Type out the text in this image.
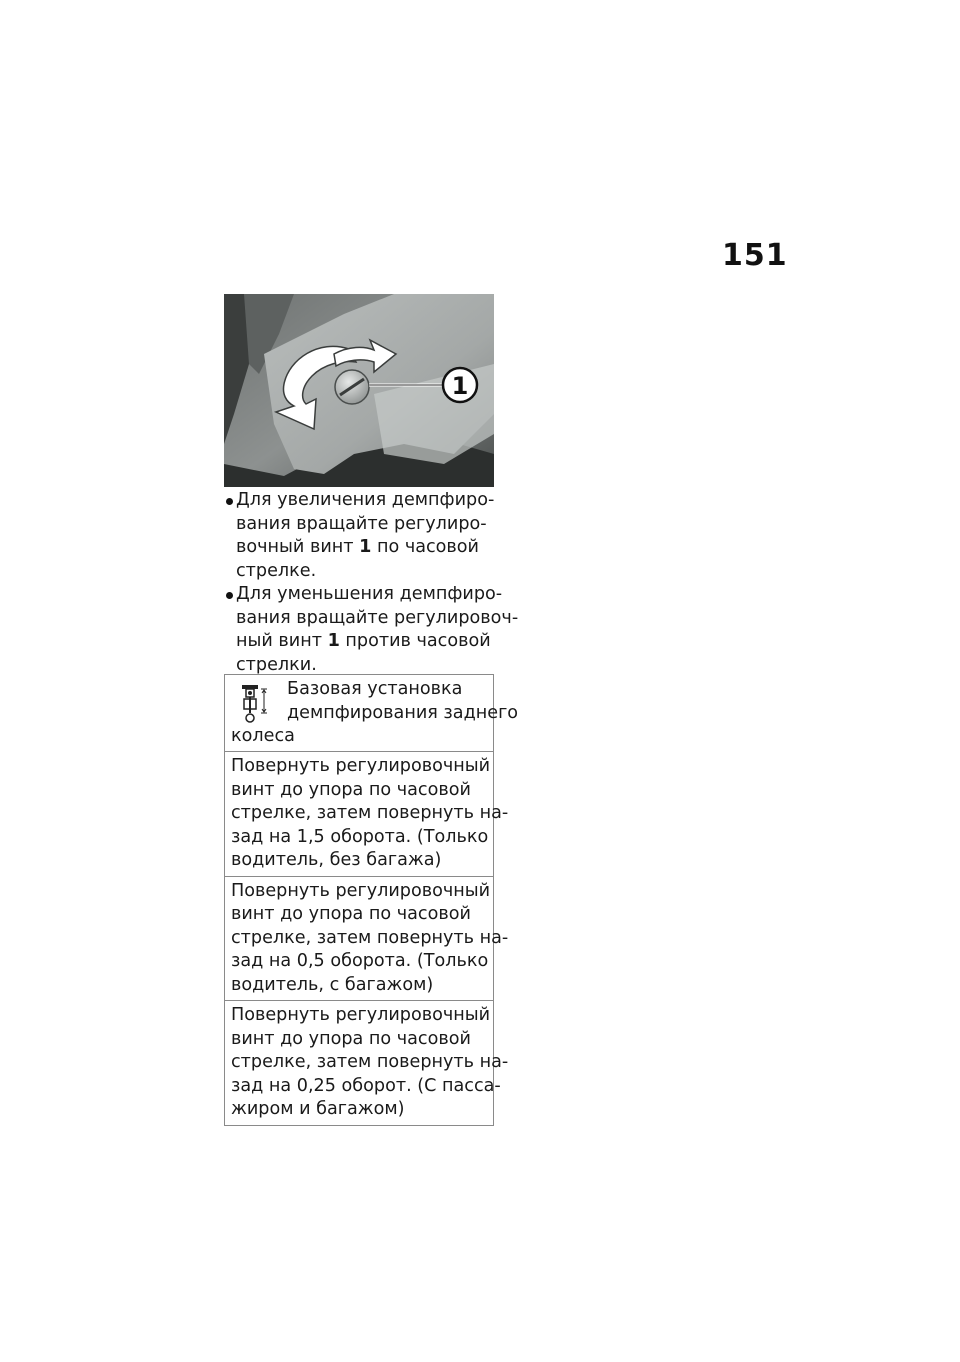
151
1
Для увеличения демпфиро-
вания вращайте регулиро-
вочный винт 1 по часовой
стрелке.
Для уменьшения демпфиро-
вания вращайте регулировоч-
ный винт 1 против часовой
стрелки.
Базовая установка
демпфирования заднего
колеса
Повернуть регулировочный
винт до упора по часовой
стрелке, затем повернуть на-
зад на 1,5 оборота. (Только
водитель, без багажа)
Повернуть регулировочный
винт до упора по часовой
стрелке, затем повернуть на-
зад на 0,5 оборота. (Только
водитель, с багажом)
Повернуть регулировочный
винт до упора по часовой
стрелке, затем повернуть на-
зад на 0,25 оборот. (С пасса-
жиром и багажом)
